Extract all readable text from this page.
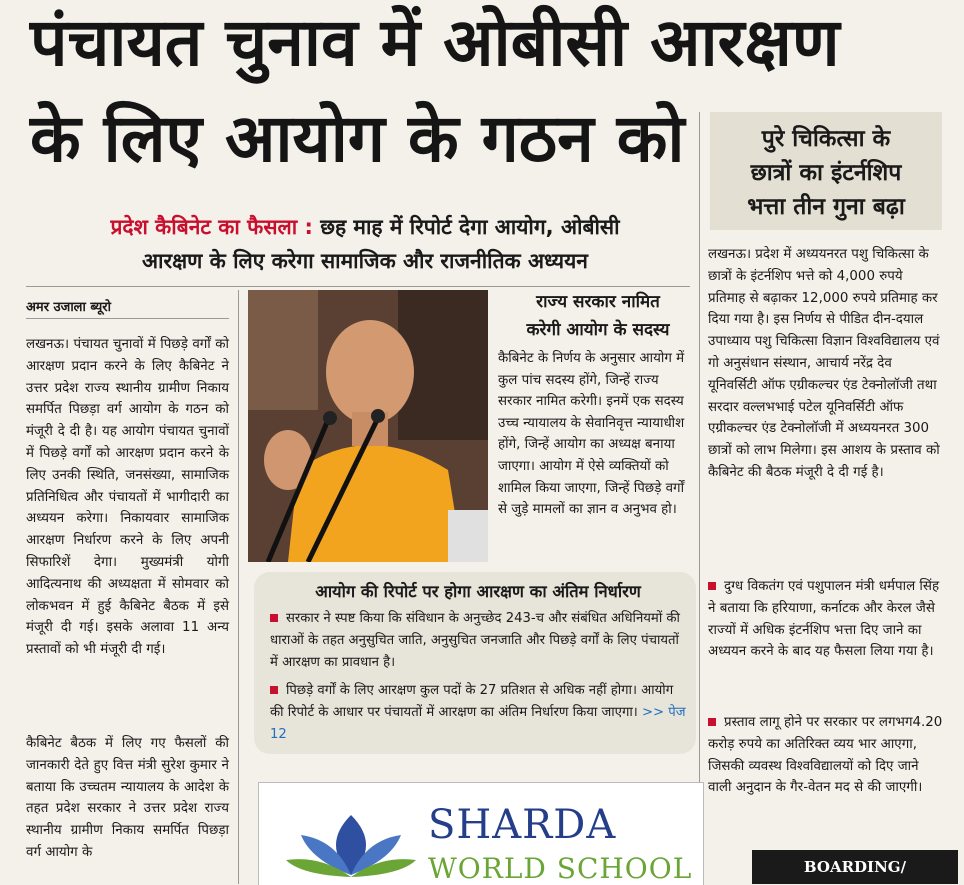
पंचायत चुनाव में ओबीसी आरक्षण
के लिए आयोग के गठन को
प्रदेश कैबिनेट का फैसला : छह माह में रिपोर्ट देगा आयोग, ओबीसी
आरक्षण के लिए करेगा सामाजिक और राजनीतिक अध्ययन
पुरे चिकित्सा के
छात्रों का इंटर्नशिप
भत्ता तीन गुना बढ़ा
अमर उजाला ब्यूरो
लखनऊ। पंचायत चुनावों में पिछड़े वर्गों को आरक्षण प्रदान करने के लिए कैबिनेट ने उत्तर प्रदेश राज्य स्थानीय ग्रामीण निकाय समर्पित पिछड़ा वर्ग आयोग के गठन को मंजूरी दे दी है। यह आयोग पंचायत चुनावों में पिछड़े वर्गों को आरक्षण प्रदान करने के लिए उनकी स्थिति, जनसंख्या, सामाजिक प्रतिनिधित्व और पंचायतों में भागीदारी का अध्ययन करेगा। निकायवार सामाजिक आरक्षण निर्धारण करने के लिए अपनी सिफारिशें देगा। मुख्यमंत्री योगी आदित्यनाथ की अध्यक्षता में सोमवार को लोकभवन में हुई कैबिनेट बैठक में इसे मंजूरी दी गई। इसके अलावा 11 अन्य प्रस्तावों को भी मंजूरी दी गई।
कैबिनेट बैठक में लिए गए फैसलों की जानकारी देते हुए वित्त मंत्री सुरेश कुमार ने बताया कि उच्चतम न्यायालय के आदेश के तहत प्रदेश सरकार ने उत्तर प्रदेश राज्य स्थानीय ग्रामीण निकाय समर्पित पिछड़ा वर्ग आयोग के
राज्य सरकार नामित
करेगी आयोग के सदस्य
कैबिनेट के निर्णय के अनुसार आयोग में कुल पांच सदस्य होंगे, जिन्हें राज्य सरकार नामित करेगी। इनमें एक सदस्य उच्च न्यायालय के सेवानिवृत्त न्यायाधीश होंगे, जिन्हें आयोग का अध्यक्ष बनाया जाएगा। आयोग में ऐसे व्यक्तियों को शामिल किया जाएगा, जिन्हें पिछड़े वर्गों से जुड़े मामलों का ज्ञान व अनुभव हो।
आयोग की रिपोर्ट पर होगा आरक्षण का अंतिम निर्धारण
सरकार ने स्पष्ट किया कि संविधान के अनुच्छेद 243-च और संबंधित अधिनियमों की धाराओं के तहत अनुसुचित जाति, अनुसुचित जनजाति और पिछड़े वर्गों के लिए पंचायतों में आरक्षण का प्रावधान है।
पिछड़े वर्गों के लिए आरक्षण कुल पदों के 27 प्रतिशत से अधिक नहीं होगा। आयोग की रिपोर्ट के आधार पर पंचायतों में आरक्षण का अंतिम निर्धारण किया जाएगा। >> पेज 12
लखनऊ। प्रदेश में अध्ययनरत पशु चिकित्सा के छात्रों के इंटर्नशिप भत्ते को 4,000 रुपये प्रतिमाह से बढ़ाकर 12,000 रुपये प्रतिमाह कर दिया गया है। इस निर्णय से पीडित दीन-दयाल उपाध्याय पशु चिकित्सा विज्ञान विश्वविद्यालय एवं गो अनुसंधान संस्थान, आचार्य नरेंद्र देव यूनिवर्सिटी ऑफ एग्रीकल्चर एंड टेक्नोलॉजी तथा सरदार वल्लभभाई पटेल यूनिवर्सिटी ऑफ एग्रीकल्चर एंड टेक्नोलॉजी में अध्ययनरत 300 छात्रों को लाभ मिलेगा। इस आशय के प्रस्ताव को कैबिनेट की बैठक मंजूरी दे दी गई है।
दुग्ध विकतंग एवं पशुपालन मंत्री धर्मपाल सिंह ने बताया कि हरियाणा, कर्नाटक और केरल जैसे राज्यों में अधिक इंटर्नशिप भत्ता दिए जाने का अध्ययन करने के बाद यह फैसला लिया गया है।
प्रस्ताव लागू होने पर सरकार पर लगभग4.20 करोड़ रुपये का अतिरिक्त व्यय भार आएगा, जिसकी व्यवस्थ विश्वविद्यालयों को दिए जाने वाली अनुदान के गैर-वेतन मद से की जाएगी।
SHARDA
WORLD SCHOOL	BOARDING/
